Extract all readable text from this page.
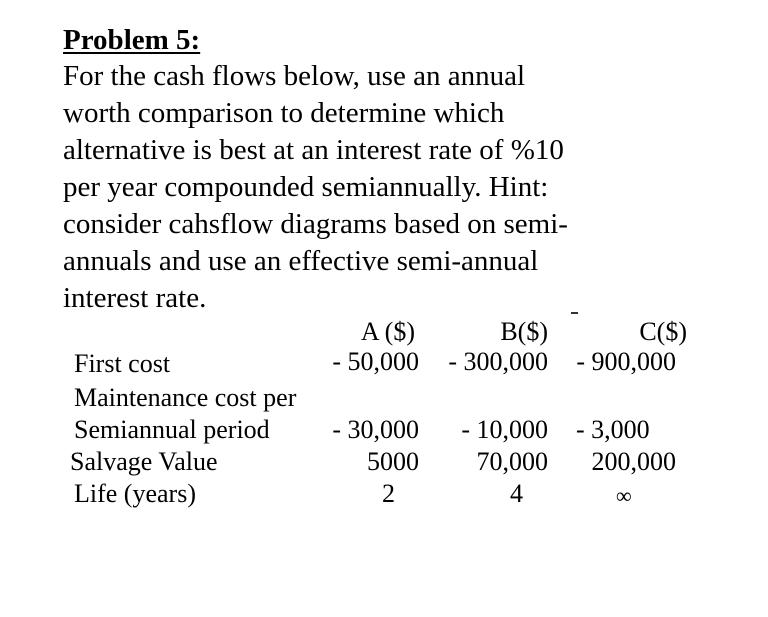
Problem 5:
For the cash flows below, use an annual
worth comparison to determine which
alternative is best at an interest rate of %10
per year compounded semiannually. Hint:
consider cahsflow diagrams based on semi-
annuals and use an effective semi-annual
interest rate.
A ($)	B($)	C($)
First cost	- 50,000 - 300,000 - 900,000
Maintenance cost per
Semiannual period - 30,000 - 10,000 - 3,000
Salvage Value	5000 70,000 200,000
Life (years)	2	4	∞
